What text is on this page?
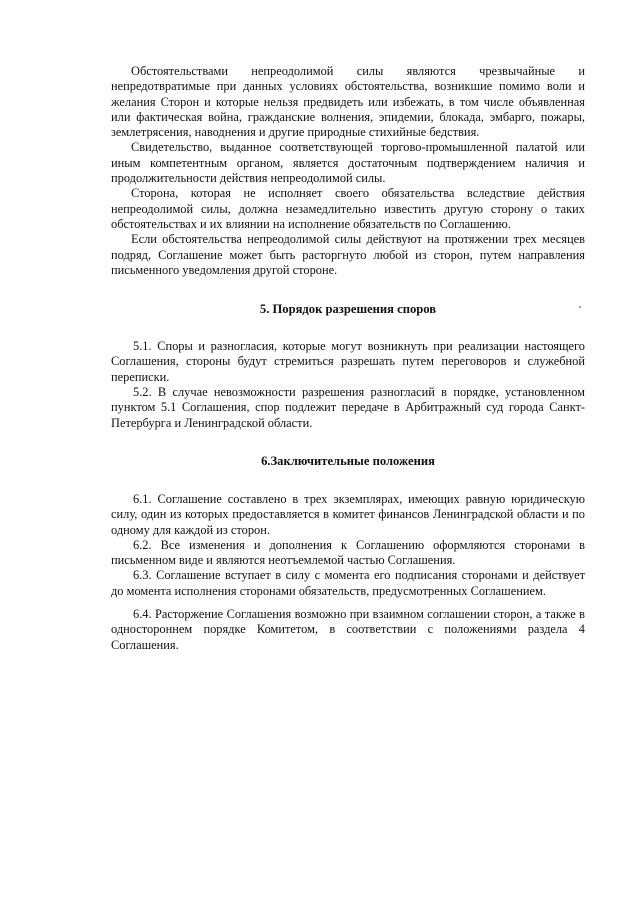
Обстоятельствами непреодолимой силы являются чрезвычайные и непредотвратимые при данных условиях обстоятельства, возникшие помимо воли и желания Сторон и которые нельзя предвидеть или избежать, в том числе объявленная или фактическая война, гражданские волнения, эпидемии, блокада, эмбарго, пожары, землетрясения, наводнения и другие природные стихийные бедствия.

Свидетельство, выданное соответствующей торгово-промышленной палатой или иным компетентным органом, является достаточным подтверждением наличия и продолжительности действия непреодолимой силы.

Сторона, которая не исполняет своего обязательства вследствие действия непреодолимой силы, должна незамедлительно известить другую сторону о таких обстоятельствах и их влиянии на исполнение обязательств по Соглашению.

Если обстоятельства непреодолимой силы действуют на протяжении трех месяцев подряд, Соглашение может быть расторгнуто любой из сторон, путем направления письменного уведомления другой стороне.

5. Порядок разрешения споров

5.1. Споры и разногласия, которые могут возникнуть при реализации настоящего Соглашения, стороны будут стремиться разрешать путем переговоров и служебной переписки.

5.2. В случае невозможности разрешения разногласий в порядке, установленном пунктом 5.1 Соглашения, спор подлежит передаче в Арбитражный суд города Санкт-Петербурга и Ленинградской области.

6.Заключительные положения

6.1. Соглашение составлено в трех экземплярах, имеющих равную юридическую силу, один из которых предоставляется в комитет финансов Ленинградской области и по одному для каждой из сторон.

6.2. Все изменения и дополнения к Соглашению оформляются сторонами в письменном виде и являются неотъемлемой частью Соглашения.

6.3. Соглашение вступает в силу с момента его подписания сторонами и действует до момента исполнения сторонами обязательств, предусмотренных Соглашением.

6.4. Расторжение Соглашения возможно при взаимном соглашении сторон, а также в одностороннем порядке Комитетом, в соответствии с положениями раздела 4 Соглашения.
